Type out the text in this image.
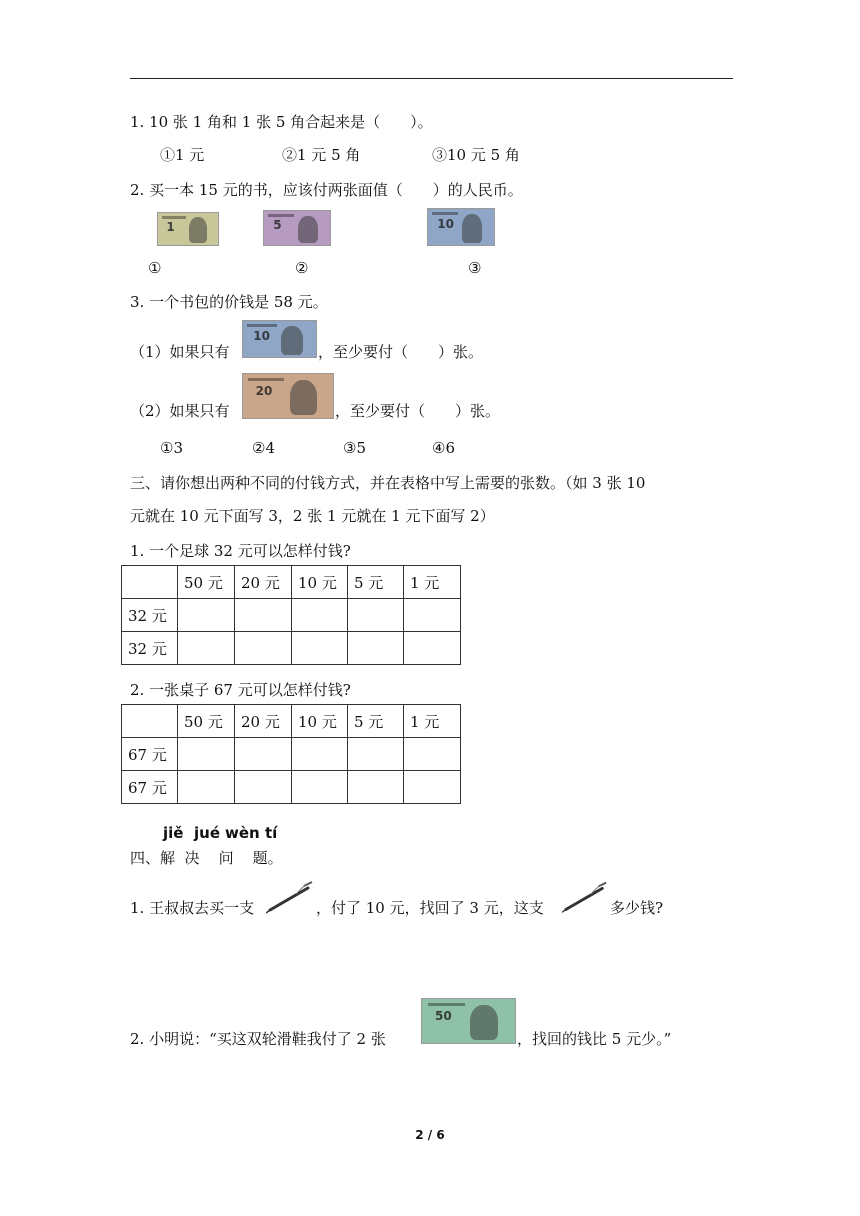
1. 10 张 1 角和 1 张 5 角合起来是（　　）。
①1 元	②1 元 5 角	③10 元 5 角
2. 买一本 15 元的书，应该付两张面值（　　）的人民币。
1	5	10
①	②	③
3. 一个书包的价钱是 58 元。
（1）如果只有
10
，至少要付（　　）张。
（2）如果只有
20
，至少要付（　　）张。
①3	②4	③5	④6
三、请你想出两种不同的付钱方式，并在表格中写上需要的张数。（如 3 张 10
元就在 10 元下面写 3，2 张 1 元就在 1 元下面写 2）
1. 一个足球 32 元可以怎样付钱?
	50 元	20 元	10 元	5 元	1 元
32 元					
32 元					
2. 一张桌子 67 元可以怎样付钱?
	50 元	20 元	10 元	5 元	1 元
67 元					
67 元					
jiě jué wèn tí
四、解  决    问    题。
1. 王叔叔去买一支	，付了 10 元，找回了 3 元，这支	多少钱?
2. 小明说：“买这双轮滑鞋我付了 2 张
50
，找回的钱比 5 元少。”
2 / 6
